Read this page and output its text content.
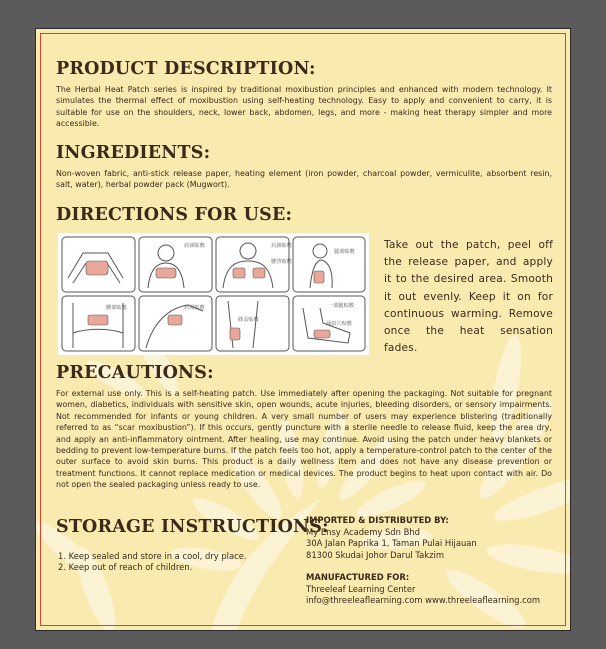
PRODUCT DESCRIPTION:

The Herbal Heat Patch series is inspired by traditional moxibustion principles and enhanced with modern technology. It simulates the thermal effect of moxibustion using self-heating technology. Easy to apply and convenient to carry, it is suitable for use on the shoulders, neck, lower back, abdomen, legs, and more - making heat therapy simpler and more accessible.

INGREDIENTS:

Non-woven fabric, anti-stick release paper, heating element (iron powder, charcoal powder, vermiculite, absorbent resin, salt, water), herbal powder pack (Mugwort).

DIRECTIONS FOR USE:
肩颈贴敷	肩颈贴敷
腰背贴敷
腿部贴敷
腰部贴敷	肩周贴敷
膝盖贴敷
一部腿贴敷
涌泉穴贴敷

Take out the patch, peel off the release paper, and apply it to the desired area. Smooth it out evenly. Keep it on for continuous warming. Remove once the heat sensation fades.

PRECAUTIONS:

For external use only. This is a self-heating patch. Use immediately after opening the packaging. Not suitable for pregnant women, diabetics, individuals with sensitive skin, open wounds, acute injuries, bleeding disorders, or sensory impairments. Not recommended for infants or young children. A very small number of users may experience blistering (traditionally referred to as “scar moxibustion”). If this occurs, gently puncture with a sterile needle to release fluid, keep the area dry, and apply an anti-inflammatory ointment. After healing, use may continue. Avoid using the patch under heavy blankets or bedding to prevent low-temperature burns. If the patch feels too hot, apply a temperature-control patch to the center of the outer surface to avoid skin burns. This product is a daily wellness item and does not have any disease prevention or treatment functions. It cannot replace medication or medical devices. The product begins to heat upon contact with air. Do not open the sealed packaging unless ready to use.

STORAGE INSTRUCTIONS:
1. Keep sealed and store in a cool, dry place.
2. Keep out of reach of children.
IMPORTED & DISTRIBUTED BY:
My Ensy Academy Sdn Bhd
30A Jalan Paprika 1, Taman Pulai Hijauan
81300 Skudai Johor Darul Takzim
MANUFACTURED FOR:
Threeleaf Learning Center
info@threeleaflearning.com www.threeleaflearning.com
